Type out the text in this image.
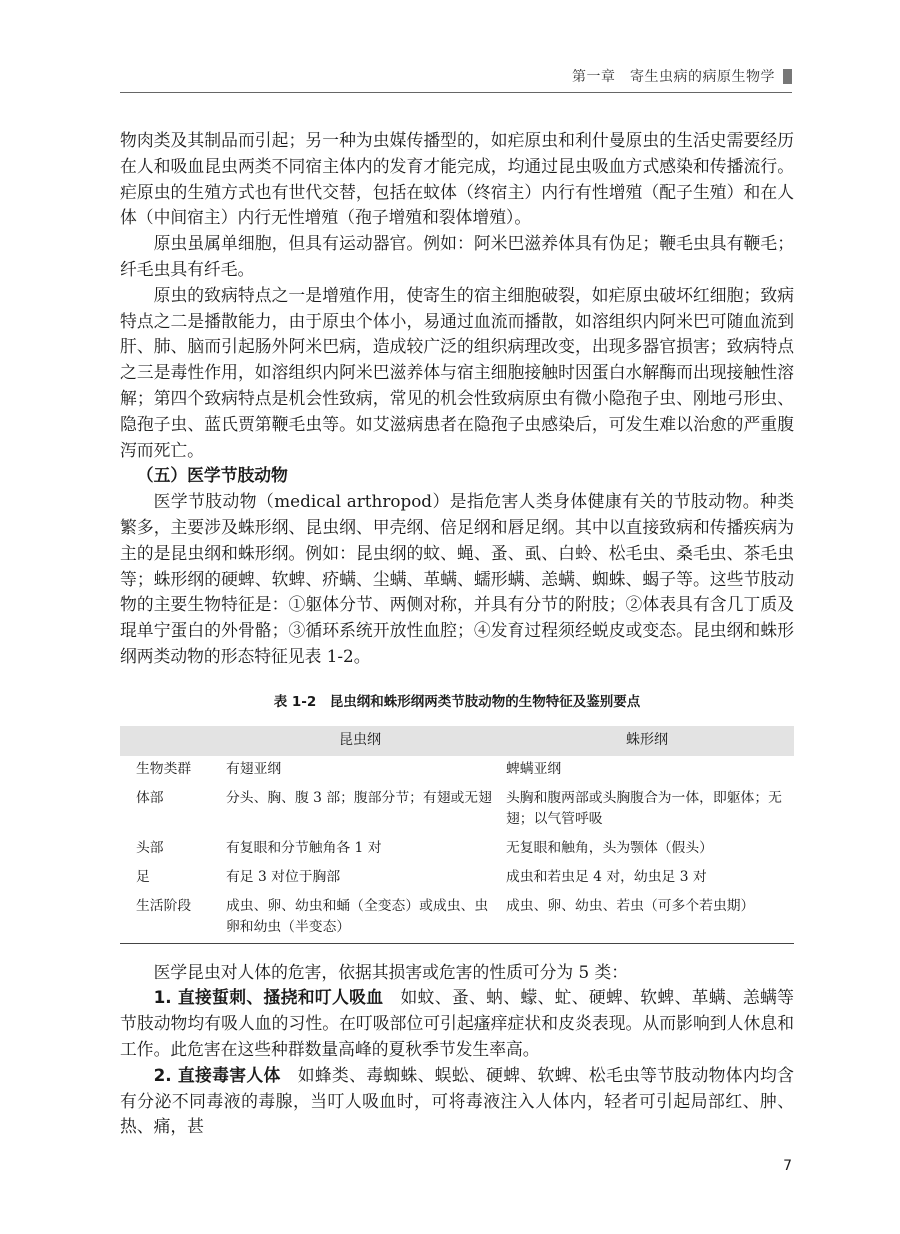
第一章　寄生虫病的病原生物学

物肉类及其制品而引起；另一种为虫媒传播型的，如疟原虫和利什曼原虫的生活史需要经历在人和吸血昆虫两类不同宿主体内的发育才能完成，均通过昆虫吸血方式感染和传播流行。疟原虫的生殖方式也有世代交替，包括在蚊体（终宿主）内行有性增殖（配子生殖）和在人体（中间宿主）内行无性增殖（孢子增殖和裂体增殖）。

原虫虽属单细胞，但具有运动器官。例如：阿米巴滋养体具有伪足；鞭毛虫具有鞭毛；纤毛虫具有纤毛。

原虫的致病特点之一是增殖作用，使寄生的宿主细胞破裂，如疟原虫破坏红细胞；致病特点之二是播散能力，由于原虫个体小，易通过血流而播散，如溶组织内阿米巴可随血流到肝、肺、脑而引起肠外阿米巴病，造成较广泛的组织病理改变，出现多器官损害；致病特点之三是毒性作用，如溶组织内阿米巴滋养体与宿主细胞接触时因蛋白水解酶而出现接触性溶解；第四个致病特点是机会性致病，常见的机会性致病原虫有微小隐孢子虫、刚地弓形虫、隐孢子虫、蓝氏贾第鞭毛虫等。如艾滋病患者在隐孢子虫感染后，可发生难以治愈的严重腹泻而死亡。

（五）医学节肢动物

医学节肢动物（medical arthropod）是指危害人类身体健康有关的节肢动物。种类繁多，主要涉及蛛形纲、昆虫纲、甲壳纲、倍足纲和唇足纲。其中以直接致病和传播疾病为主的是昆虫纲和蛛形纲。例如：昆虫纲的蚊、蝇、蚤、虱、白蛉、松毛虫、桑毛虫、茶毛虫等；蛛形纲的硬蜱、软蜱、疥螨、尘螨、革螨、蠕形螨、恙螨、蜘蛛、蝎子等。这些节肢动物的主要生物特征是：①躯体分节、两侧对称，并具有分节的附肢；②体表具有含几丁质及琨单宁蛋白的外骨骼；③循环系统开放性血腔；④发育过程须经蜕皮或变态。昆虫纲和蛛形纲两类动物的形态特征见表 1-2。

表 1-2　昆虫纲和蛛形纲两类节肢动物的生物特征及鉴别要点
	昆虫纲	蛛形纲
生物类群	有翅亚纲	蜱螨亚纲
体部	分头、胸、腹 3 部；腹部分节；有翅或无翅	头胸和腹两部或头胸腹合为一体，即躯体；无翅；以气管呼吸
头部	有复眼和分节触角各 1 对	无复眼和触角，头为颚体（假头）
足	有足 3 对位于胸部	成虫和若虫足 4 对，幼虫足 3 对
生活阶段	成虫、卵、幼虫和蛹（全变态）或成虫、虫卵和幼虫（半变态）	成虫、卵、幼虫、若虫（可多个若虫期）

医学昆虫对人体的危害，依据其损害或危害的性质可分为 5 类：

1. 直接蜇刺、搔挠和叮人吸血　 如蚊、蚤、蚋、蠓、虻、硬蜱、软蜱、革螨、恙螨等节肢动物均有吸人血的习性。在叮吸部位可引起瘙痒症状和皮炎表现。从而影响到人休息和工作。此危害在这些种群数量高峰的夏秋季节发生率高。

2. 直接毒害人体　 如蜂类、毒蜘蛛、蜈蚣、硬蜱、软蜱、松毛虫等节肢动物体内均含有分泌不同毒液的毒腺，当叮人吸血时，可将毒液注入人体内，轻者可引起局部红、肿、热、痛，甚

7
